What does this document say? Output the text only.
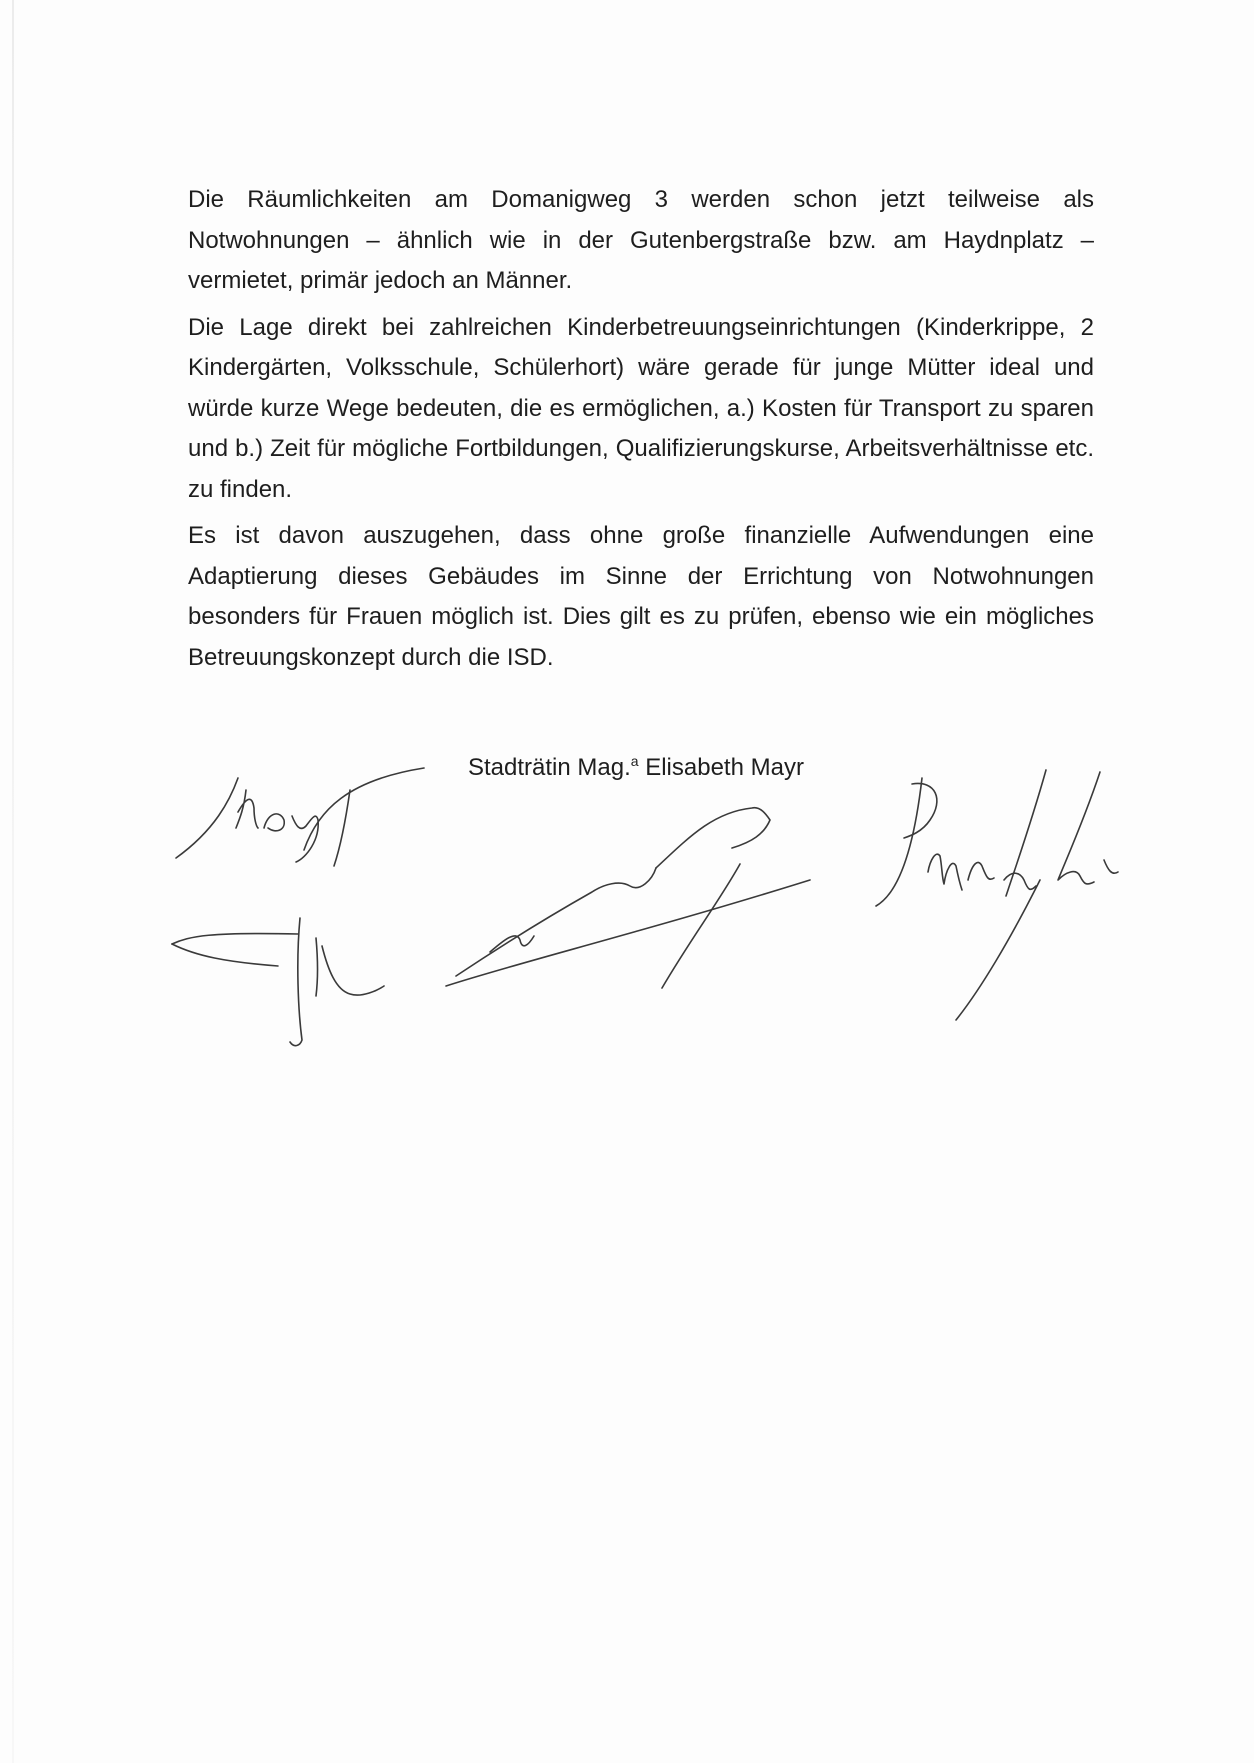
Die Räumlichkeiten am Domanigweg 3 werden schon jetzt teilweise als Notwohnungen – ähnlich wie in der Gutenbergstraße bzw. am Haydnplatz – vermietet, primär jedoch an Männer.

Die Lage direkt bei zahlreichen Kinderbetreuungseinrichtungen (Kinderkrippe, 2 Kindergärten, Volksschule, Schülerhort) wäre gerade für junge Mütter ideal und würde kurze Wege bedeuten, die es ermöglichen, a.) Kosten für Transport zu sparen und b.) Zeit für mögliche Fortbildungen, Qualifizierungskurse, Arbeitsverhältnisse etc. zu finden.

Es ist davon auszugehen, dass ohne große finanzielle Aufwendungen eine Adaptierung dieses Gebäudes im Sinne der Errichtung von Notwohnungen besonders für Frauen möglich ist. Dies gilt es zu prüfen, ebenso wie ein mögliches Betreuungskonzept durch die ISD.

Stadträtin Mag.$^a$ Elisabeth Mayr
